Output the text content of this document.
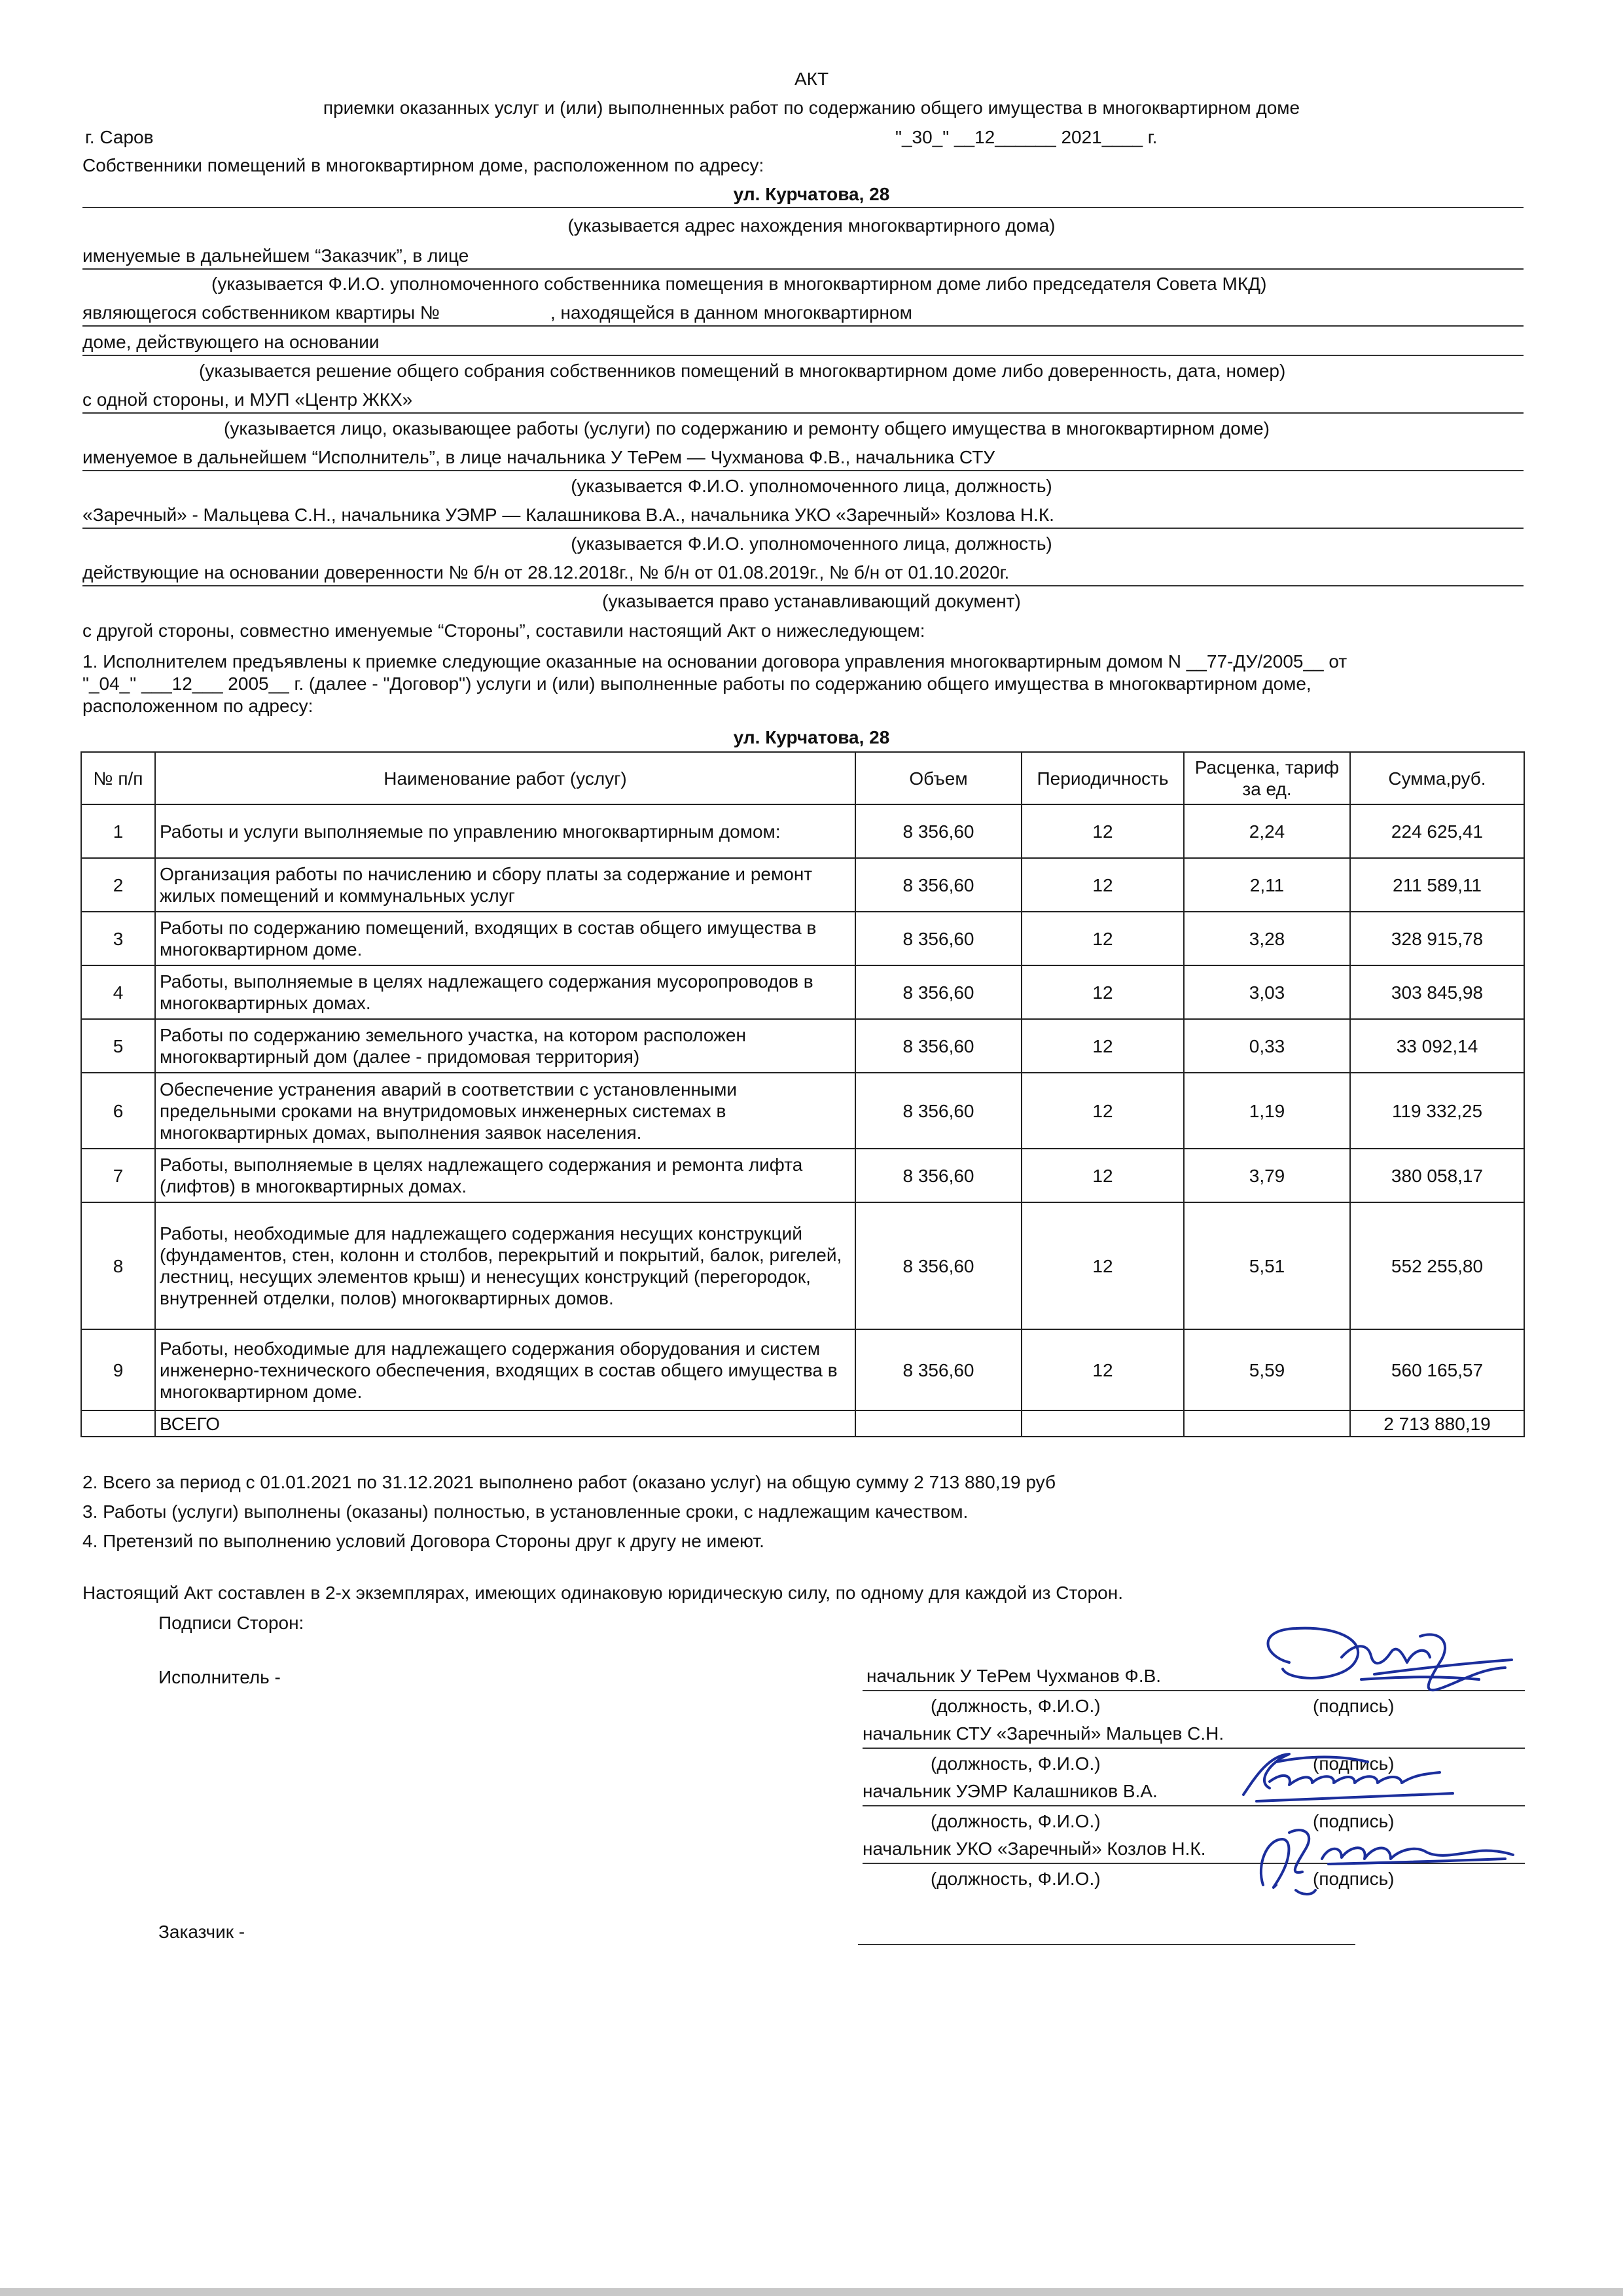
АКТ
приемки оказанных услуг и (или) выполненных работ по содержанию общего имущества в многоквартирном доме
г. Саров	"_30_" __12______ 2021____ г.
Собственники помещений в многоквартирном доме, расположенном по адресу:
ул. Курчатова, 28
(указывается адрес нахождения многоквартирного дома)
именуемые в дальнейшем “Заказчик”, в лице
(указывается Ф.И.О. уполномоченного собственника помещения в многоквартирном доме либо председателя Совета МКД)
являющегося собственником квартиры №	, находящейся в данном многоквартирном
доме, действующего на основании
(указывается решение общего собрания собственников помещений в многоквартирном доме либо доверенность, дата, номер)
с одной стороны, и МУП «Центр ЖКХ»
(указывается лицо, оказывающее работы (услуги) по содержанию и ремонту общего имущества в многоквартирном доме)
именуемое в дальнейшем “Исполнитель”, в лице начальника У ТеРем — Чухманова Ф.В., начальника СТУ
(указывается Ф.И.О. уполномоченного лица, должность)
«Заречный» - Мальцева С.Н., начальника УЭМР — Калашникова В.А., начальника УКО «Заречный» Козлова Н.К.
(указывается Ф.И.О. уполномоченного лица, должность)
действующие на основании доверенности № б/н от 28.12.2018г., № б/н от 01.08.2019г., № б/н от 01.10.2020г.
(указывается право устанавливающий документ)
с другой стороны, совместно именуемые “Стороны”, составили настоящий Акт о нижеследующем:
1. Исполнителем предъявлены к приемке следующие оказанные на основании договора управления многоквартирным домом N __77-ДУ/2005__ от
"_04_" ___12___ 2005__ г. (далее - "Договор") услуги и (или) выполненные работы по содержанию общего имущества в многоквартирном доме,
расположенном по адресу:
ул. Курчатова, 28
№ п/п	Наименование работ (услуг)	Объем	Периодичность	Расценка, тариф за ед.	Сумма,руб.
1	Работы и услуги выполняемые по управлению многоквартирным домом:	8 356,60	12	2,24	224 625,41
2	Организация работы по начислению и сбору платы за содержание и ремонт жилых помещений и коммунальных услуг	8 356,60	12	2,11	211 589,11
3	Работы по содержанию помещений, входящих в состав общего имущества в многоквартирном доме.	8 356,60	12	3,28	328 915,78
4	Работы, выполняемые в целях надлежащего содержания мусоропроводов в многоквартирных домах.	8 356,60	12	3,03	303 845,98
5	Работы по содержанию земельного участка, на котором расположен многоквартирный дом (далее - придомовая территория)	8 356,60	12	0,33	33 092,14
6	Обеспечение устранения аварий в соответствии с установленными предельными сроками на внутридомовых инженерных системах в многоквартирных домах, выполнения заявок населения.	8 356,60	12	1,19	119 332,25
7	Работы, выполняемые в целях надлежащего содержания и ремонта лифта (лифтов) в многоквартирных домах.	8 356,60	12	3,79	380 058,17
8	Работы, необходимые для надлежащего содержания несущих конструкций (фундаментов, стен, колонн и столбов, перекрытий и покрытий, балок, ригелей, лестниц, несущих элементов крыш) и ненесущих конструкций (перегородок, внутренней отделки, полов) многоквартирных домов.	8 356,60	12	5,51	552 255,80
9	Работы, необходимые для надлежащего содержания оборудования и систем инженерно-технического обеспечения, входящих в состав общего имущества в многоквартирном доме.	8 356,60	12	5,59	560 165,57
	ВСЕГО				2 713 880,19
2. Всего за период с 01.01.2021 по 31.12.2021 выполнено работ (оказано услуг) на общую сумму 2 713 880,19 руб
3. Работы (услуги) выполнены (оказаны) полностью, в установленные сроки, с надлежащим качеством.
4. Претензий по выполнению условий Договора Стороны друг к другу не имеют.
Настоящий Акт составлен в 2-х экземплярах, имеющих одинаковую юридическую силу, по одному для каждой из Сторон.
Подписи Сторон:
Исполнитель -	начальник У ТеРем Чухманов Ф.В.
(должность, Ф.И.О.)	(подпись)
начальник СТУ «Заречный» Мальцев С.Н.
(должность, Ф.И.О.)	(подпись)
начальник УЭМР Калашников В.А.
(должность, Ф.И.О.)	(подпись)
начальник УКО «Заречный» Козлов Н.К.
(должность, Ф.И.О.)	(подпись)
Заказчик -
